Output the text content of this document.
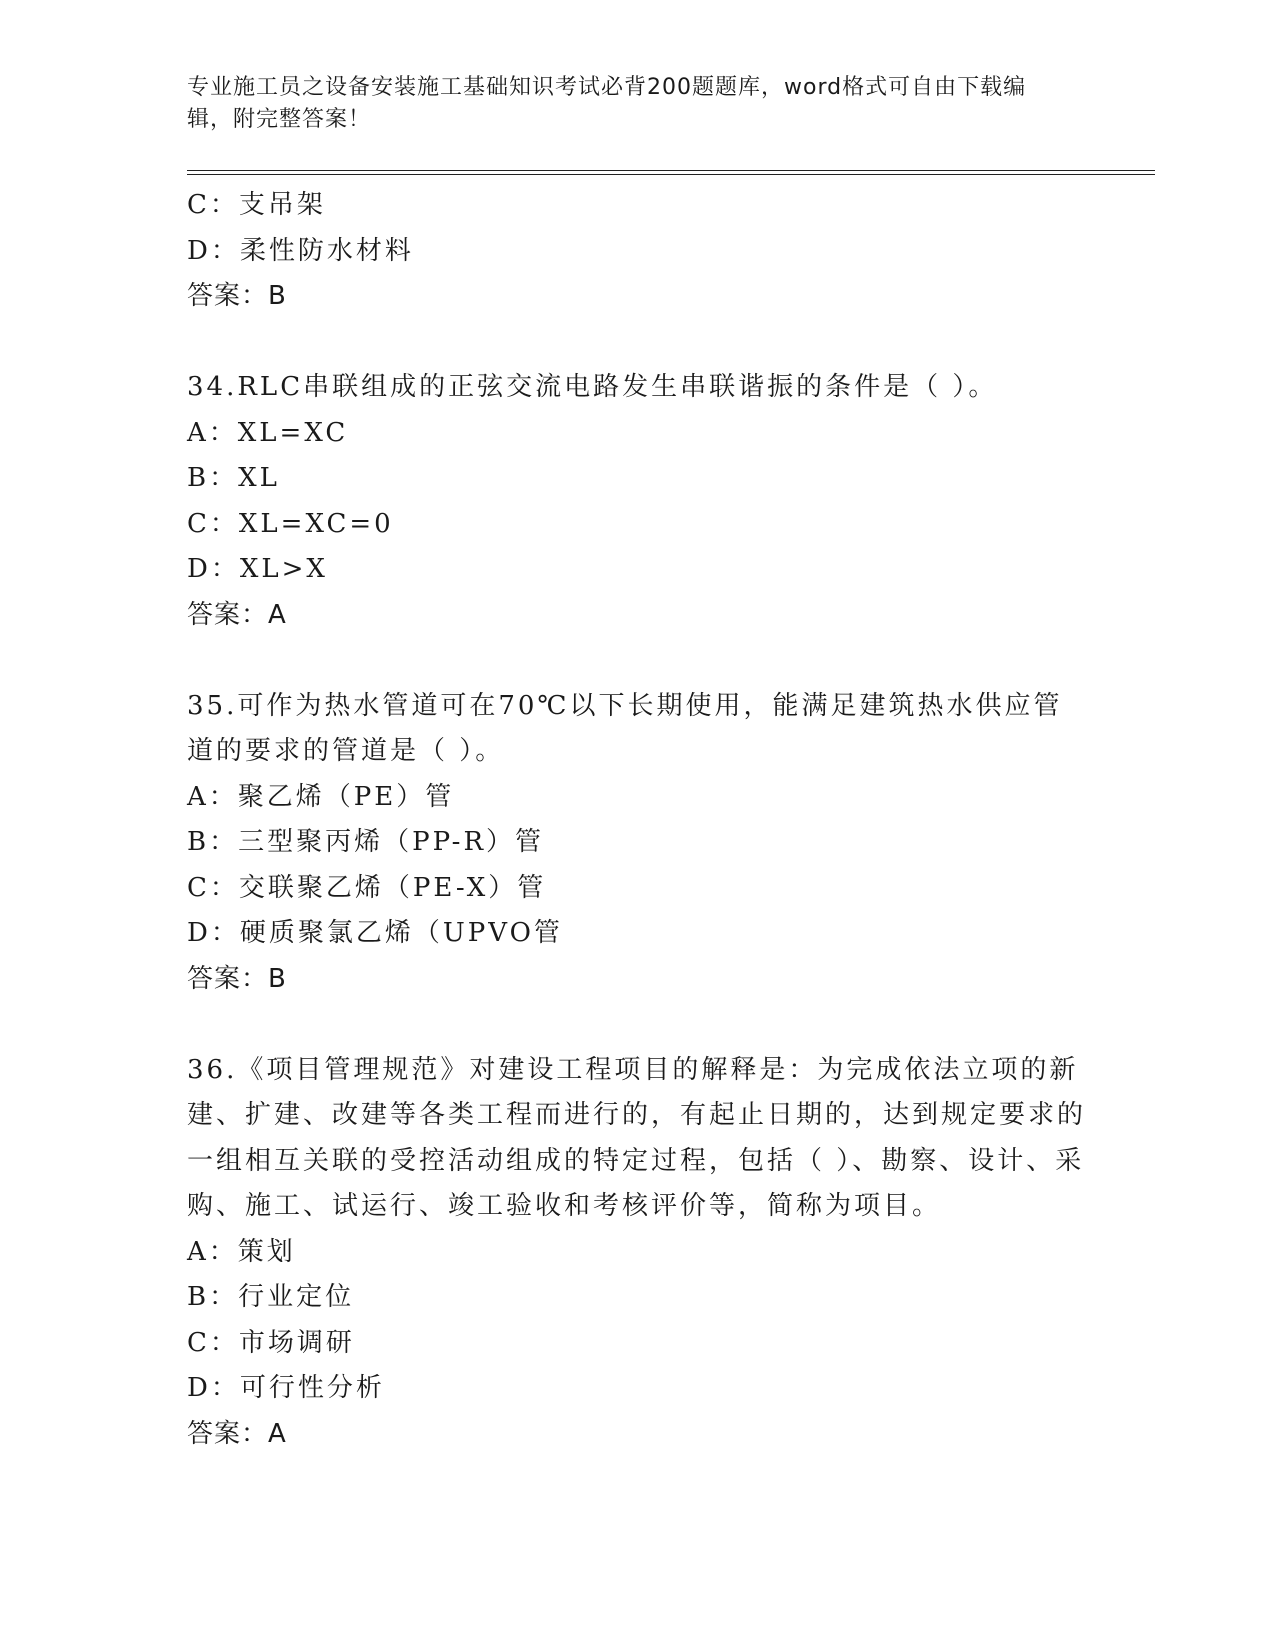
专业施工员之设备安装施工基础知识考试必背200题题库，word格式可自由下载编辑，附完整答案！
C：支吊架
D：柔性防水材料
答案：B
34.RLC串联组成的正弦交流电路发生串联谐振的条件是（ ）。
A：XL=XC
B：XL
C：XL=XC=0
D：XL>X
答案：A
35.可作为热水管道可在70℃以下长期使用，能满足建筑热水供应管道的要求的管道是（ ）。
A：聚乙烯（PE）管
B：三型聚丙烯（PP-R）管
C：交联聚乙烯（PE-X）管
D：硬质聚氯乙烯（UPVO管
答案：B
36.《项目管理规范》对建设工程项目的解释是：为完成依法立项的新建、扩建、改建等各类工程而进行的，有起止日期的，达到规定要求的一组相互关联的受控活动组成的特定过程，包括（ ）、勘察、设计、采购、施工、试运行、竣工验收和考核评价等，简称为项目。
A：策划
B：行业定位
C：市场调研
D：可行性分析
答案：A
